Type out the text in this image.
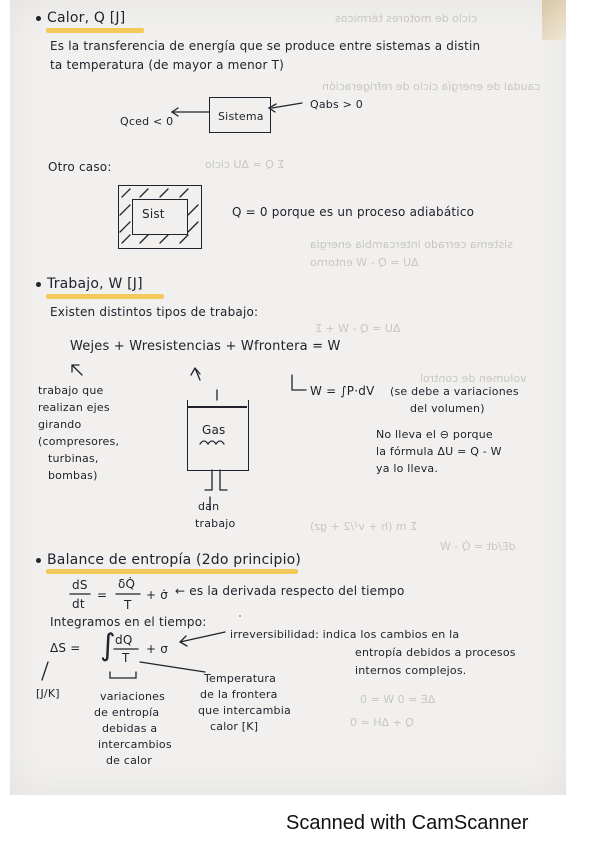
ciclo de motores térmicos
caudal de energía ciclo de refrigeración
Σ Q = ΔU ciclo
sistema cerrado intercambia energía
ΔU = Q - W entorno
ΔU = Q - W + Σ
volumen de control
Σ m (h + v²/2 + gz)
dE/dt = Q̇ - Ẇ
ΔE = 0 W = 0
Q + ΔH = 0
Calor, Q [J]
Es la transferencia de energía que se produce entre sistemas a distin
ta temperatura (de mayor a menor T)
Qced < 0	Sistema
Qabs > 0
Otro caso:
Sist	Q = 0 porque es un proceso adiabático
Trabajo, W [J]
Existen distintos tipos de trabajo:
Wejes + Wresistencias + Wfrontera = W
trabajo que
realizan ejes
girando
(compresores,
turbinas,
bombas)
Gas
dan
trabajo
W = ∫P·dV (se debe a variaciones
del volumen)
No lleva el ⊖ porque
la fórmula ΔU = Q - W
ya lo lleva.
Balance de entropía (2do principio)
dS
dt
=
δQ̇
T
+ σ̇ ← es la derivada respecto del tiempo
Integramos en el tiempo:
ΔS = ∫ dQ
T
+ σ
irreversibilidad: indica los cambios en la
entropía debidos a procesos
internos complejos.
Temperatura
de la frontera
que intercambia
calor [K]
[J/K]	variaciones
de entropía
debidas a
intercambios
de calor
Scanned with CamScanner
